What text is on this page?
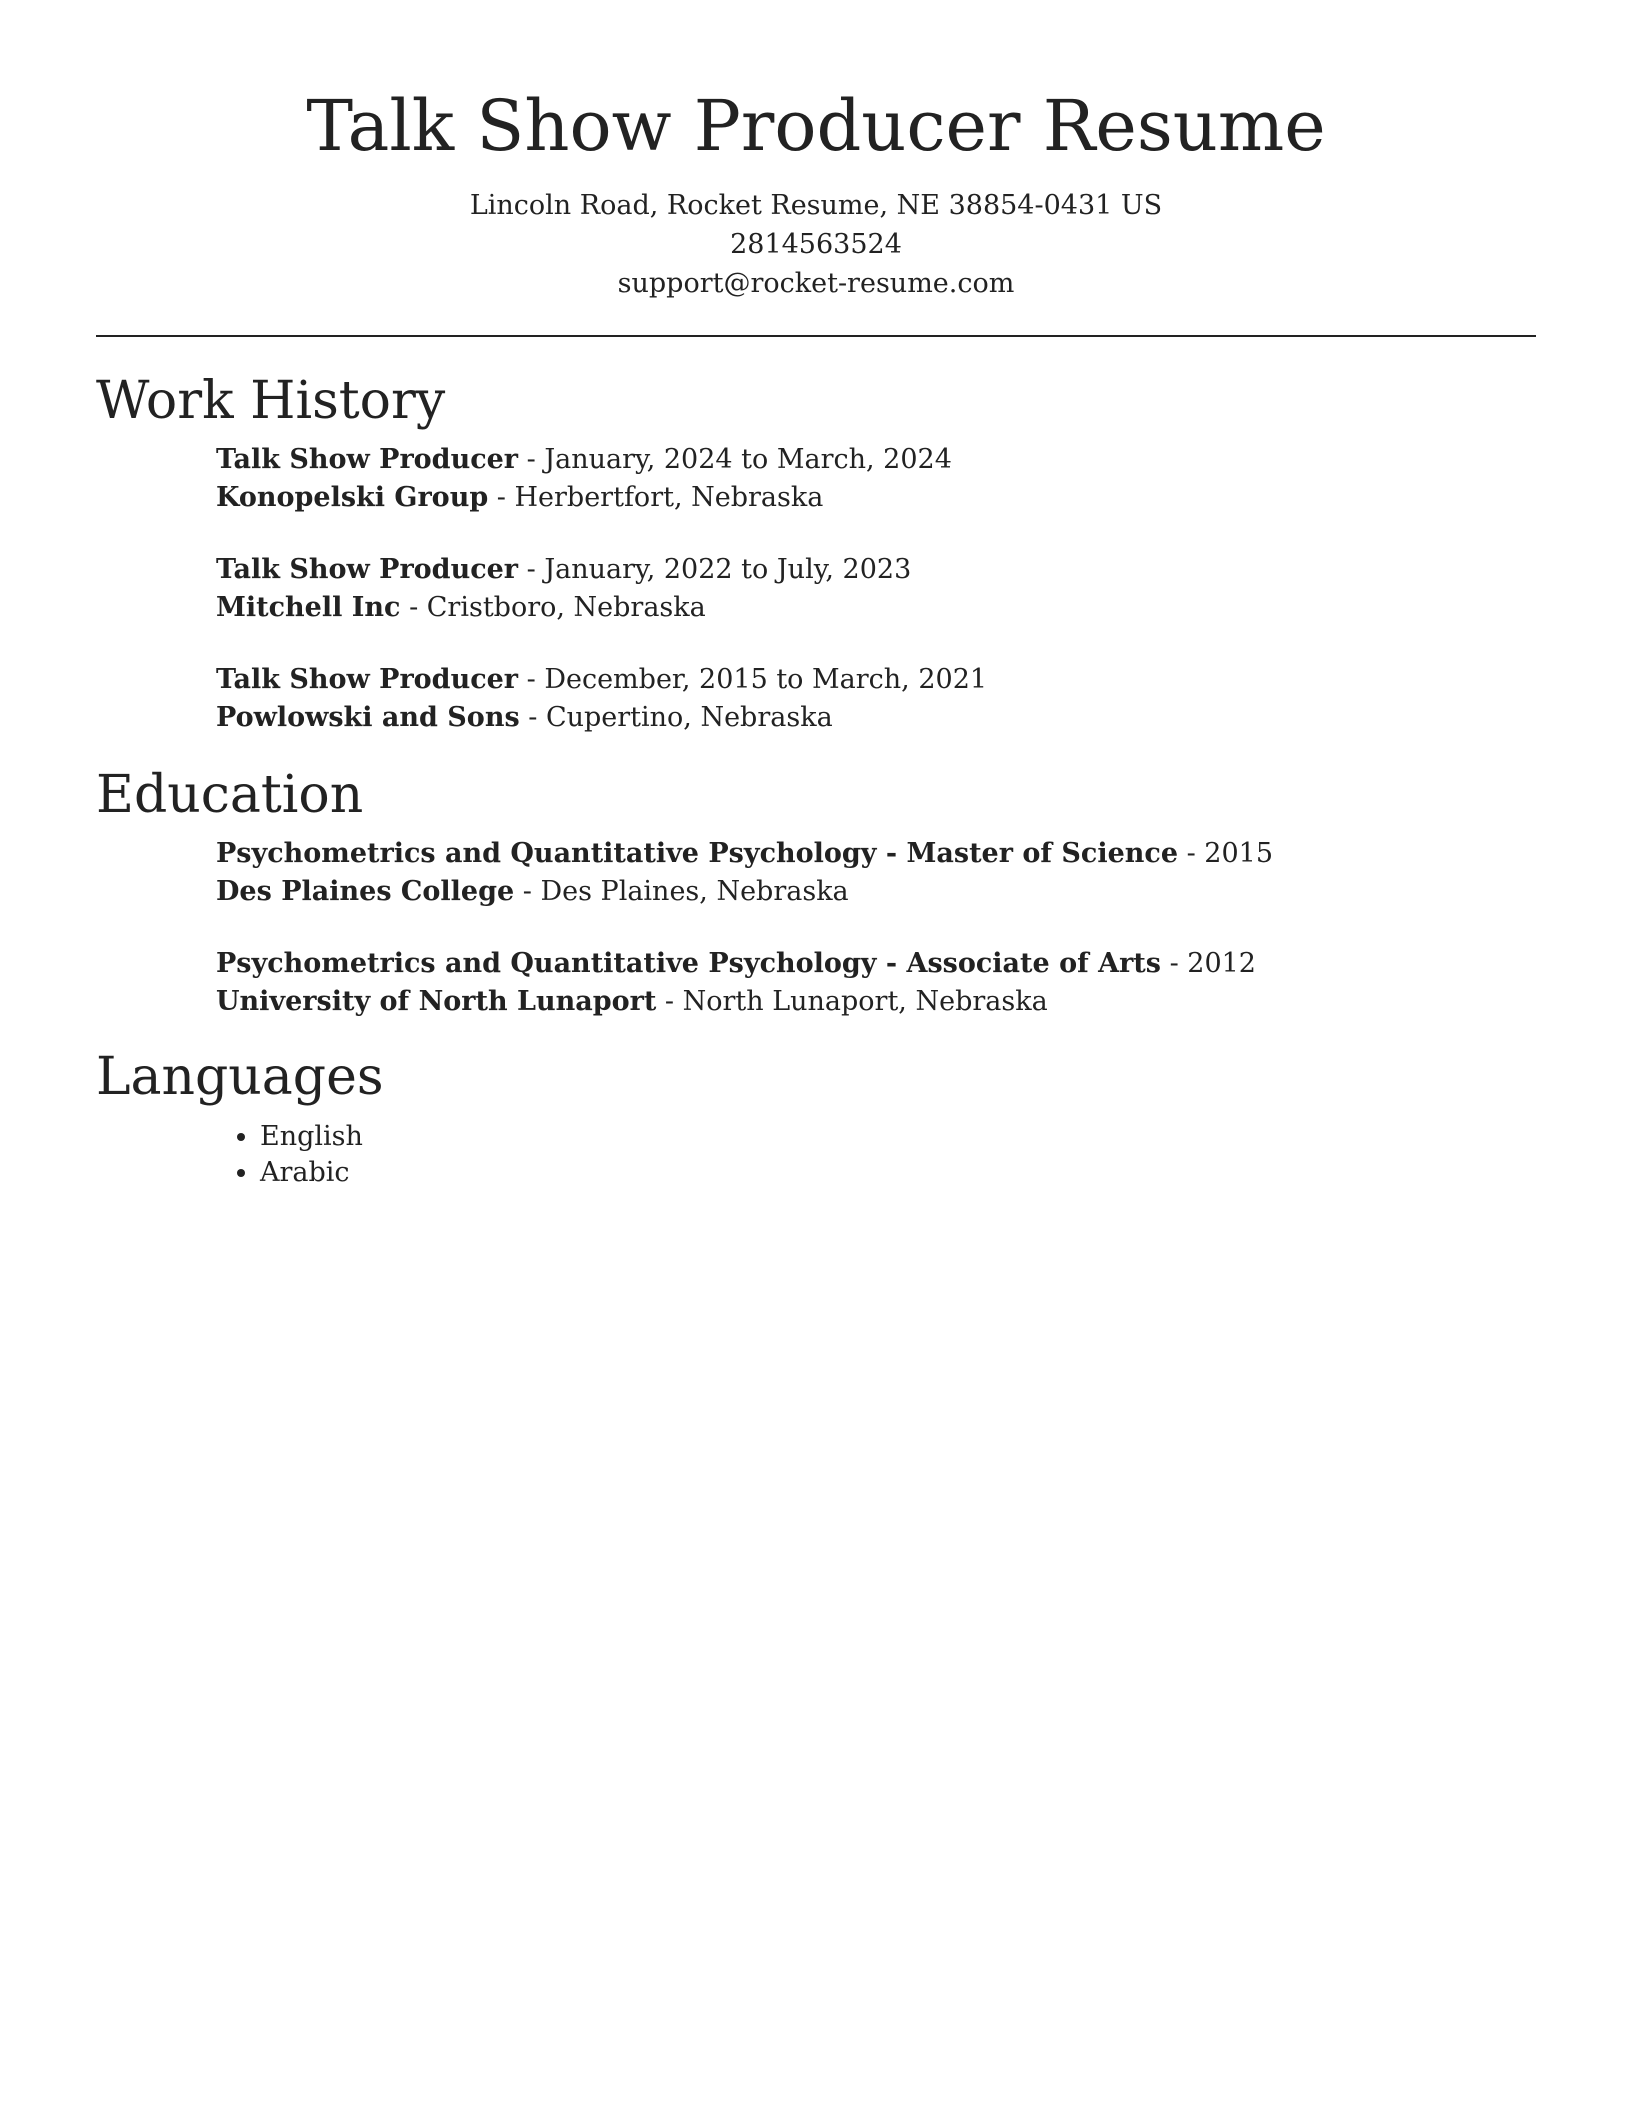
Talk Show Producer Resume
Lincoln Road, Rocket Resume, NE 38854-0431 US
2814563524
support@rocket-resume.com
Work History
Talk Show Producer - January, 2024 to March, 2024
Konopelski Group - Herbertfort, Nebraska
Talk Show Producer - January, 2022 to July, 2023
Mitchell Inc - Cristboro, Nebraska
Talk Show Producer - December, 2015 to March, 2021
Powlowski and Sons - Cupertino, Nebraska
Education
Psychometrics and Quantitative Psychology - Master of Science - 2015
Des Plaines College - Des Plaines, Nebraska
Psychometrics and Quantitative Psychology - Associate of Arts - 2012
University of North Lunaport - North Lunaport, Nebraska
Languages
• English
• Arabic
